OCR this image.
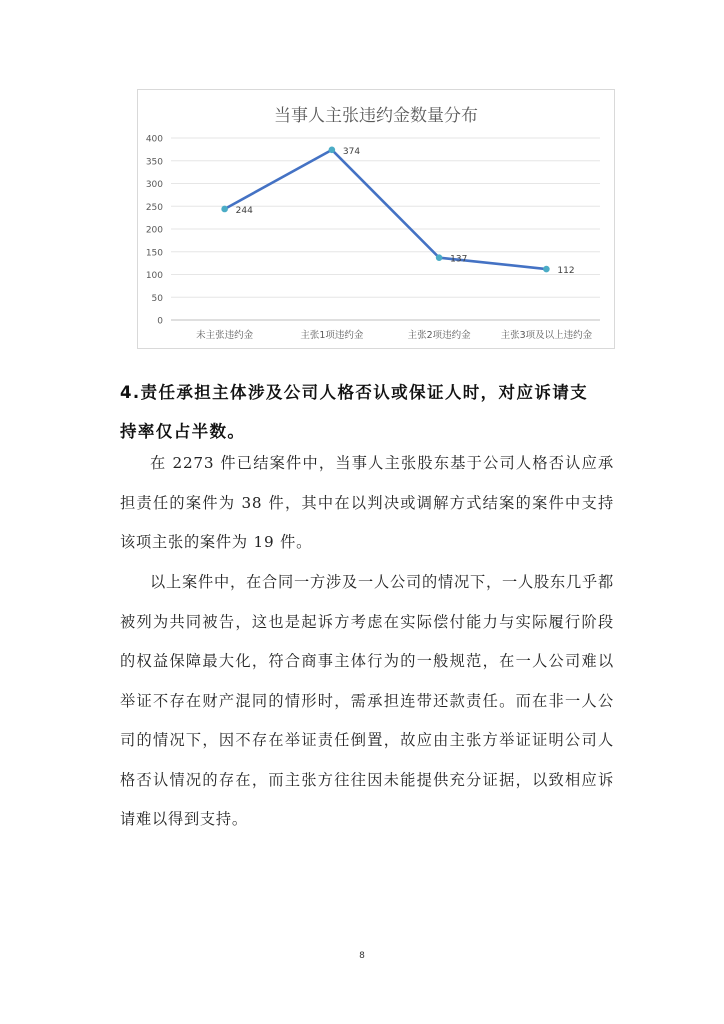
当事人主张违约金数量分布
0
50
100
150
200
250
300
350
400
未主张违约金	主张1项违约金	主张2项违约金	主张3项及以上违约金
244
374
137
112
4.责任承担主体涉及公司人格否认或保证人时，对应诉请支
持率仅占半数。
在 2273 件已结案件中，当事人主张股东基于公司人格否认应承担责任的案件为 38 件，其中在以判决或调解方式结案的案件中支持该项主张的案件为 19 件。
以上案件中，在合同一方涉及一人公司的情况下，一人股东几乎都被列为共同被告，这也是起诉方考虑在实际偿付能力与实际履行阶段的权益保障最大化，符合商事主体行为的一般规范，在一人公司难以举证不存在财产混同的情形时，需承担连带还款责任。而在非一人公司的情况下，因不存在举证责任倒置，故应由主张方举证证明公司人格否认情况的存在，而主张方往往因未能提供充分证据，以致相应诉请难以得到支持。
8
